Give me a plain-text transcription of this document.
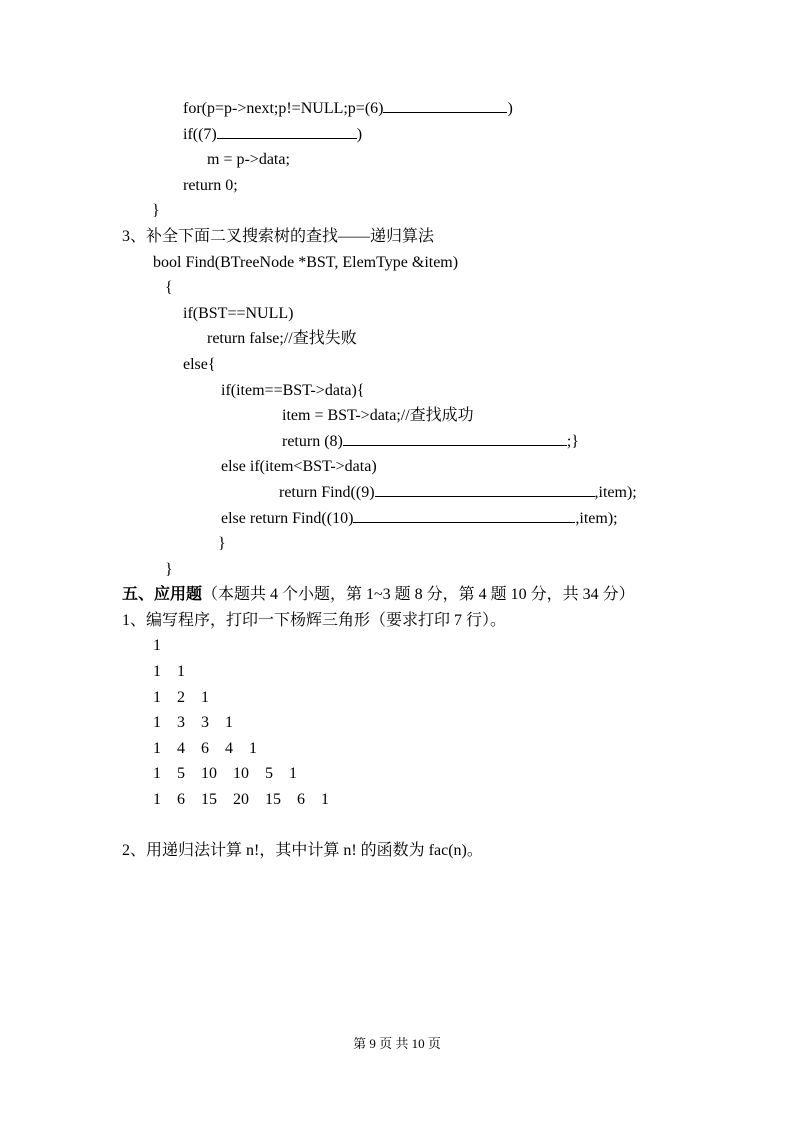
for(p=p->next;p!=NULL;p=(6)	)
if((7)	)
m = p->data;
return 0;
}
3、补全下面二叉搜索树的查找——递归算法
bool Find(BTreeNode *BST, ElemType &item)
{
if(BST==NULL)
return false;//查找失败
else{
if(item==BST->data){
item = BST->data;//查找成功
return (8)	;}
else if(item<BST->data)
return Find((9)	,item);
else return Find((10)	,item);
}
}
五、应用题（本题共 4 个小题，第 1~3 题 8 分，第 4 题 10 分，共 34 分）
1、编写程序，打印一下杨辉三角形（要求打印 7 行）。
1
1 1
1 2 1
1 3 3 1
1 4 6 4 1
1 5 10 10 5 1
1 6 15 20 15 6 1
2、用递归法计算 n!，其中计算 n! 的函数为 fac(n)。
第 9 页 共 10 页
